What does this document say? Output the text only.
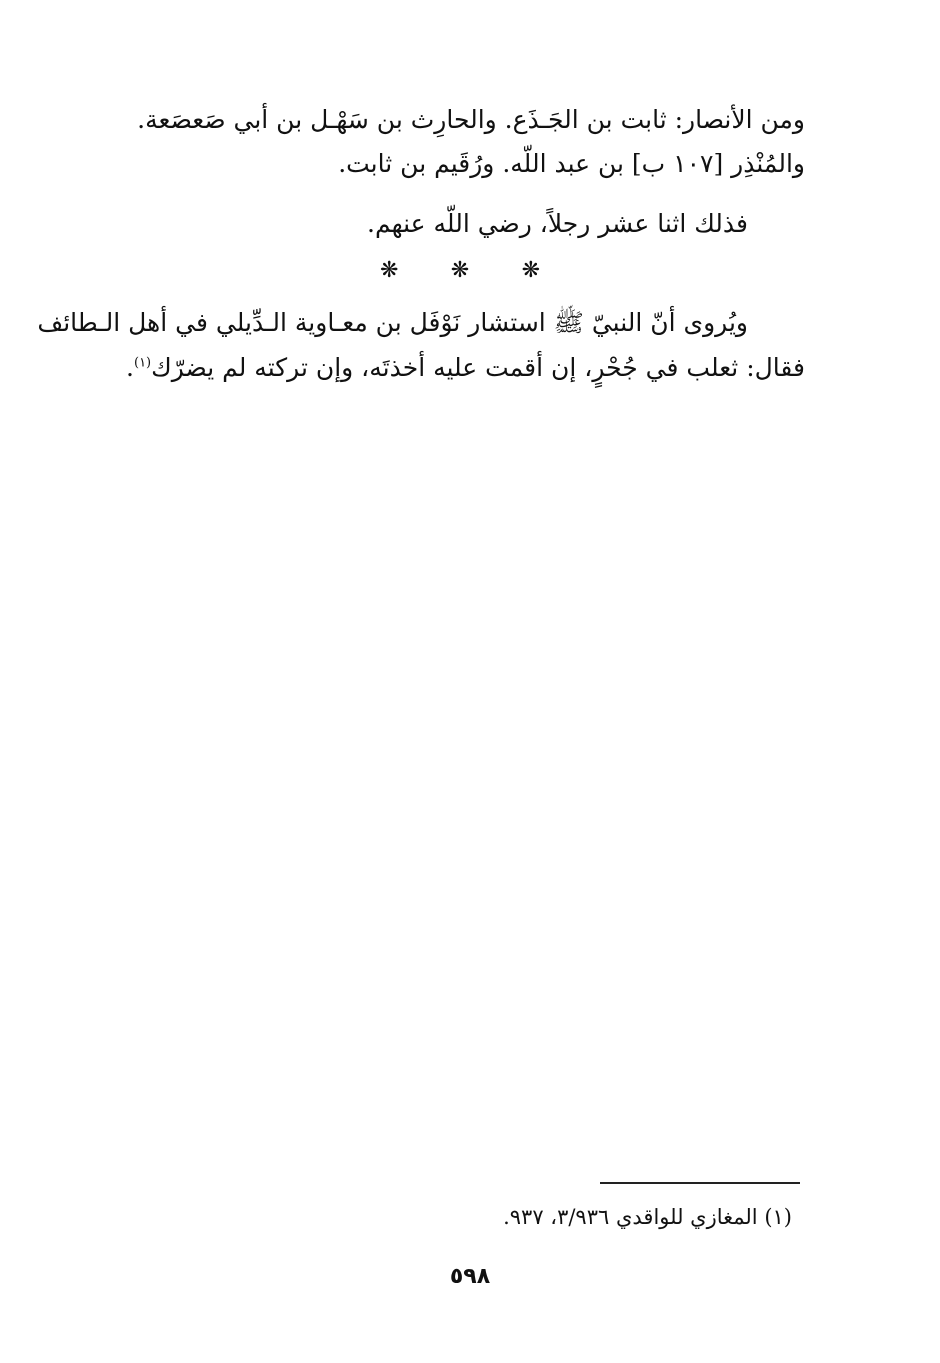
ومن الأنصار: ثابت بن الجَـذَع. والحارِث بن سَهْـل بن أبي صَعصَعة.
والمُنْذِر [١٠٧ ب] بن عبد اللّه. ورُقَيم بن ثابت.
فذلك اثنا عشر رجلاً، رضي اللّه عنهم.
❋ ❋ ❋
ويُروى أنّ النبيّ ﷺ استشار نَوْفَل بن معـاوية الـدِّيلي في أهل الـطائف
فقال: ثعلب في جُحْرٍ، إن أقمت عليه أخذتَه، وإن تركته لم يضرّك$^{(١)}$.
(١) المغازي للواقدي ٣/٩٣٦، ٩٣٧.
٥٩٨
